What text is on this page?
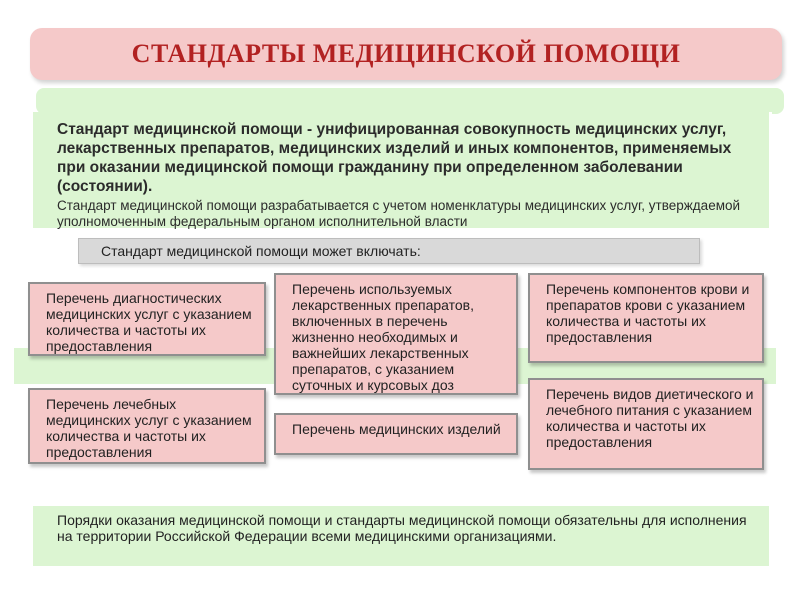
СТАНДАРТЫ МЕДИЦИНСКОЙ ПОМОЩИ

Стандарт медицинской помощи - унифицированная совокупность медицинских услуг, лекарственных препаратов, медицинских изделий и иных компонентов, применяемых при оказании медицинской помощи гражданину при определенном заболевании (состоянии).

Стандарт медицинской помощи разрабатывается с учетом номенклатуры медицинских услуг, утверждаемой уполномоченным федеральным органом исполнительной власти

Стандарт медицинской помощи может включать:
Перечень диагностических медицинских услуг с указанием количества и частоты их предоставления
Перечень используемых лекарственных препаратов, включенных в перечень жизненно необходимых и важнейших лекарственных препаратов, с указанием суточных и курсовых доз
Перечень компонентов крови и препаратов крови с указанием количества и частоты их предоставления
Перечень лечебных медицинских услуг с указанием количества и частоты их предоставления
Перечень медицинских изделий
Перечень видов диетического и лечебного питания с указанием количества и частоты их предоставления
Порядки оказания медицинской помощи и стандарты медицинской помощи обязательны для исполнения на территории Российской Федерации всеми медицинскими организациями.
